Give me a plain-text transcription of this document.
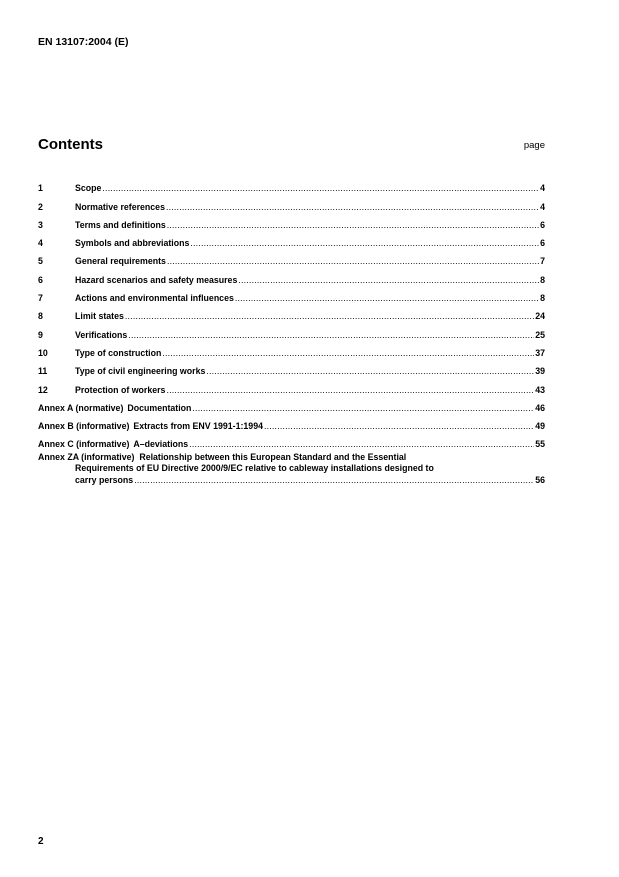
EN 13107:2004 (E)
Contents	page
1	Scope .....	4
2	Normative references .....	4
3	Terms and definitions .....	6
4	Symbols and abbreviations .....	6
5	General requirements .....	7
6	Hazard scenarios and safety measures .....	8
7	Actions and environmental influences .....	8
8	Limit states .....	24
9	Verifications .....	25
10	Type of construction .....	37
11	Type of civil engineering works .....	39
12	Protection of workers .....	43
Annex A (normative) Documentation .....	46
Annex B (informative) Extracts from ENV 1991-1:1994 .....	49
Annex C (informative) A–deviations .....	55
Annex ZA (informative) Relationship between this European Standard and the Essential
Requirements of EU Directive 2000/9/EC relative to cableway installations designed to
carry persons .....	56
2
